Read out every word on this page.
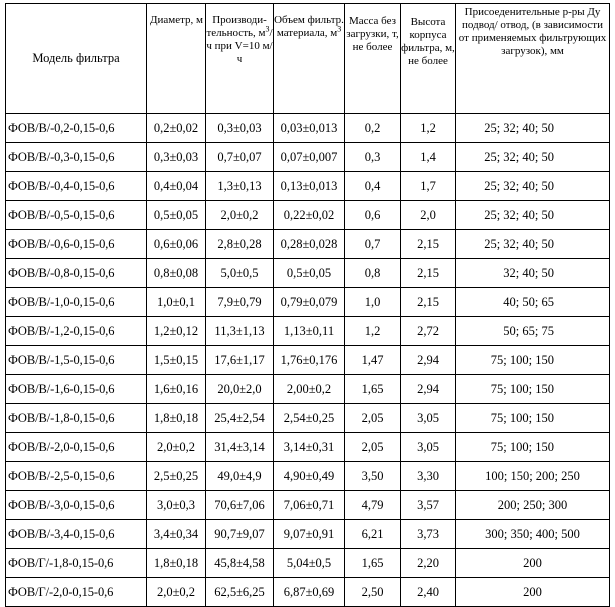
Модель фильтра	Диаметр, м	Производи-тельность, $м^3/ч$ при V=10 м/ч	Объем фильтр. материала, $м^3$	Масса без загрузки, т, не более	Высота корпуса фильтра, м, не более	Присоеденительные р-ры Ду подвод/ отвод, (в зависимости от применяемых фильтрующих загрузок), мм
ФОВ/В/-0,2-0,15-0,6	0,2±0,02	0,3±0,03	0,03±0,013	0,2	1,2	25; 32; 40; 50
ФОВ/В/-0,3-0,15-0,6	0,3±0,03	0,7±0,07	0,07±0,007	0,3	1,4	25; 32; 40; 50
ФОВ/В/-0,4-0,15-0,6	0,4±0,04	1,3±0,13	0,13±0,013	0,4	1,7	25; 32; 40; 50
ФОВ/В/-0,5-0,15-0,6	0,5±0,05	2,0±0,2	0,22±0,02	0,6	2,0	25; 32; 40; 50
ФОВ/В/-0,6-0,15-0,6	0,6±0,06	2,8±0,28	0,28±0,028	0,7	2,15	25; 32; 40; 50
ФОВ/В/-0,8-0,15-0,6	0,8±0,08	5,0±0,5	0,5±0,05	0,8	2,15	32; 40; 50
ФОВ/В/-1,0-0,15-0,6	1,0±0,1	7,9±0,79	0,79±0,079	1,0	2,15	40; 50; 65
ФОВ/В/-1,2-0,15-0,6	1,2±0,12	11,3±1,13	1,13±0,11	1,2	2,72	50; 65; 75
ФОВ/В/-1,5-0,15-0,6	1,5±0,15	17,6±1,17	1,76±0,176	1,47	2,94	75; 100; 150
ФОВ/В/-1,6-0,15-0,6	1,6±0,16	20,0±2,0	2,00±0,2	1,65	2,94	75; 100; 150
ФОВ/В/-1,8-0,15-0,6	1,8±0,18	25,4±2,54	2,54±0,25	2,05	3,05	75; 100; 150
ФОВ/В/-2,0-0,15-0,6	2,0±0,2	31,4±3,14	3,14±0,31	2,05	3,05	75; 100; 150
ФОВ/В/-2,5-0,15-0,6	2,5±0,25	49,0±4,9	4,90±0,49	3,50	3,30	100; 150; 200; 250
ФОВ/В/-3,0-0,15-0,6	3,0±0,3	70,6±7,06	7,06±0,71	4,79	3,57	200; 250; 300
ФОВ/В/-3,4-0,15-0,6	3,4±0,34	90,7±9,07	9,07±0,91	6,21	3,73	300; 350; 400; 500
ФОВ/Г/-1,8-0,15-0,6	1,8±0,18	45,8±4,58	5,04±0,5	1,65	2,20	200
ФОВ/Г/-2,0-0,15-0,6	2,0±0,2	62,5±6,25	6,87±0,69	2,50	2,40	200
